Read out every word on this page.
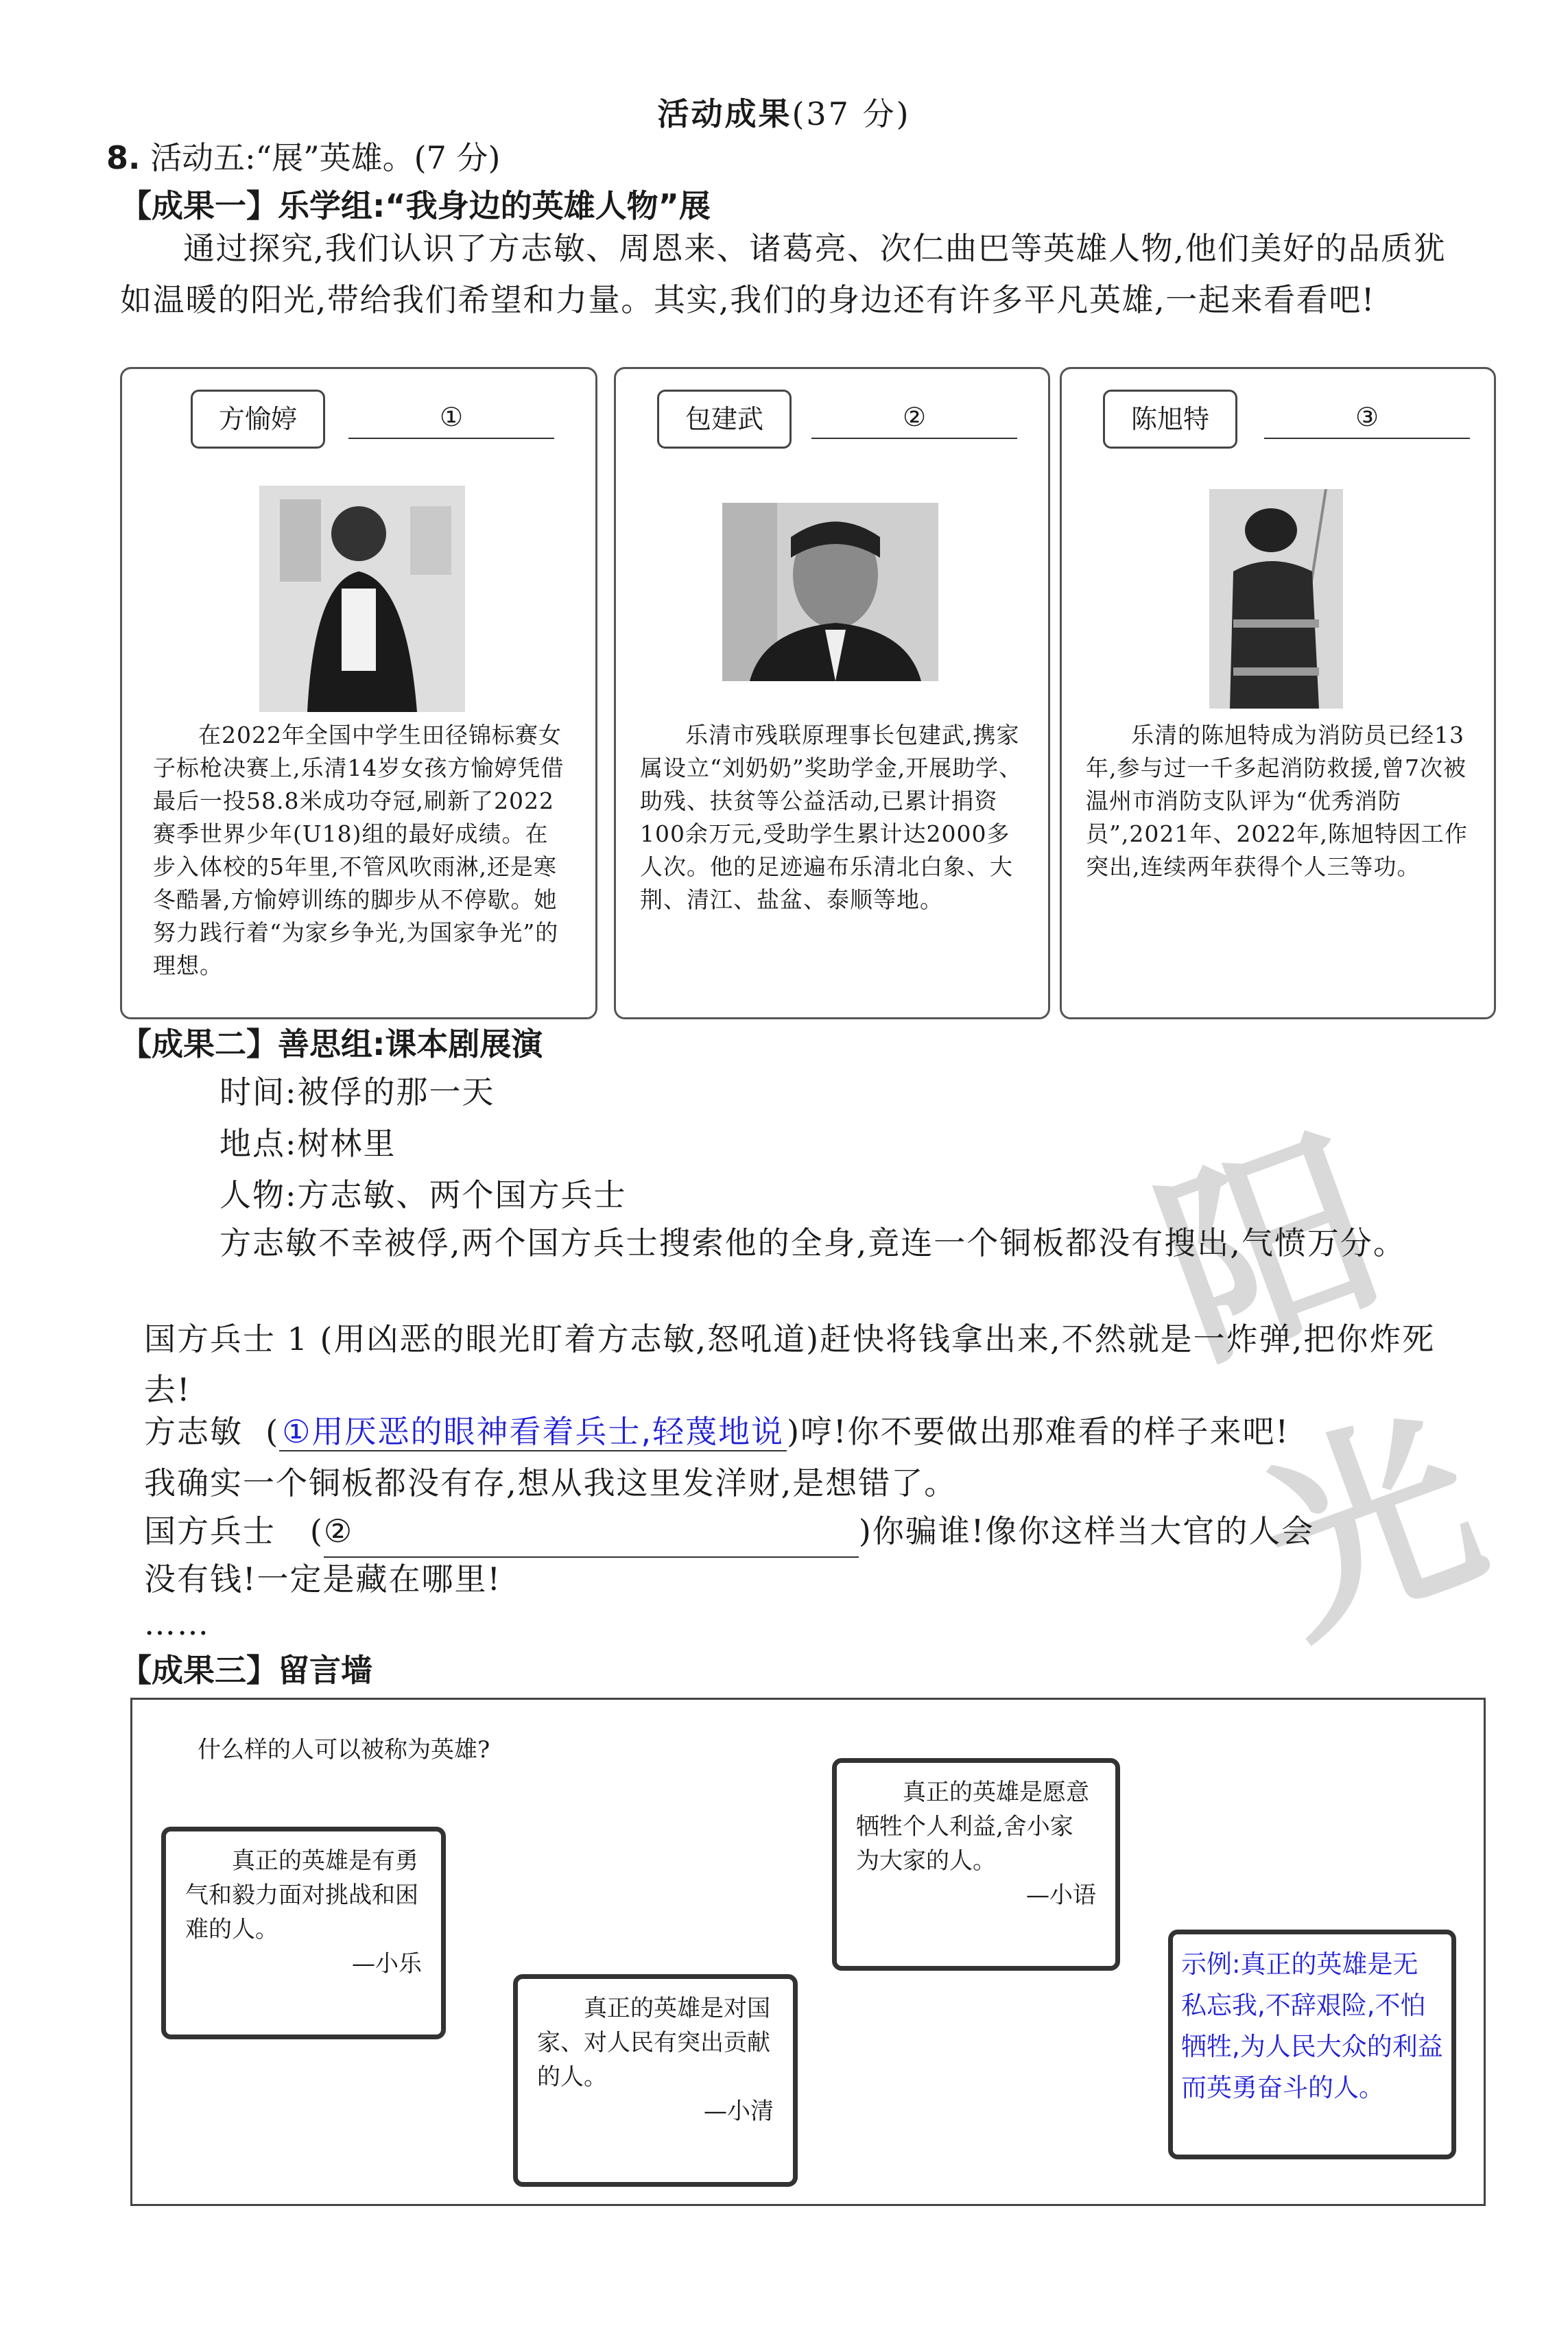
阳光
活动成果(37 分)
8. 活动五:“展”英雄。(7 分)
【成果一】乐学组:“我身边的英雄人物”展
通过探究,我们认识了方志敏、周恩来、诸葛亮、次仁曲巴等英雄人物,他们美好的品质犹如温暖的阳光,带给我们希望和力量。其实,我们的身边还有许多平凡英雄,一起来看看吧!
方愉婷	①
在2022年全国中学生田径锦标赛女子标枪决赛上,乐清14岁女孩方愉婷凭借最后一投58.8米成功夺冠,刷新了2022赛季世界少年(U18)组的最好成绩。在步入体校的5年里,不管风吹雨淋,还是寒冬酷暑,方愉婷训练的脚步从不停歇。她努力践行着“为家乡争光,为国家争光”的理想。
包建武	②
乐清市残联原理事长包建武,携家属设立“刘奶奶”奖助学金,开展助学、助残、扶贫等公益活动,已累计捐资100余万元,受助学生累计达2000多人次。他的足迹遍布乐清北白象、大荆、清江、盐盆、泰顺等地。
陈旭特	③
乐清的陈旭特成为消防员已经13年,参与过一千多起消防救援,曾7次被温州市消防支队评为“优秀消防员”,2021年、2022年,陈旭特因工作突出,连续两年获得个人三等功。
【成果二】善思组:课本剧展演
时间:被俘的那一天
地点:树林里
人物:方志敏、两个国方兵士
方志敏不幸被俘,两个国方兵士搜索他的全身,竟连一个铜板都没有搜出,气愤万分。
国方兵士 1 (用凶恶的眼光盯着方志敏,怒吼道)赶快将钱拿出来,不然就是一炸弹,把你炸死去!
方志敏  (①用厌恶的眼神看着兵士,轻蔑地说)哼!你不要做出那难看的样子来吧!
我确实一个铜板都没有存,想从我这里发洋财,是想错了。
国方兵士   (②	)你骗谁!像你这样当大官的人会
没有钱!一定是藏在哪里!
……
【成果三】留言墙
什么样的人可以被称为英雄?
真正的英雄是有勇气和毅力面对挑战和困难的人。
—小乐
真正的英雄是对国家、对人民有突出贡献的人。
—小清
真正的英雄是愿意牺牲个人利益,舍小家为大家的人。
—小语
示例:真正的英雄是无私忘我,不辞艰险,不怕牺牲,为人民大众的利益而英勇奋斗的人。
